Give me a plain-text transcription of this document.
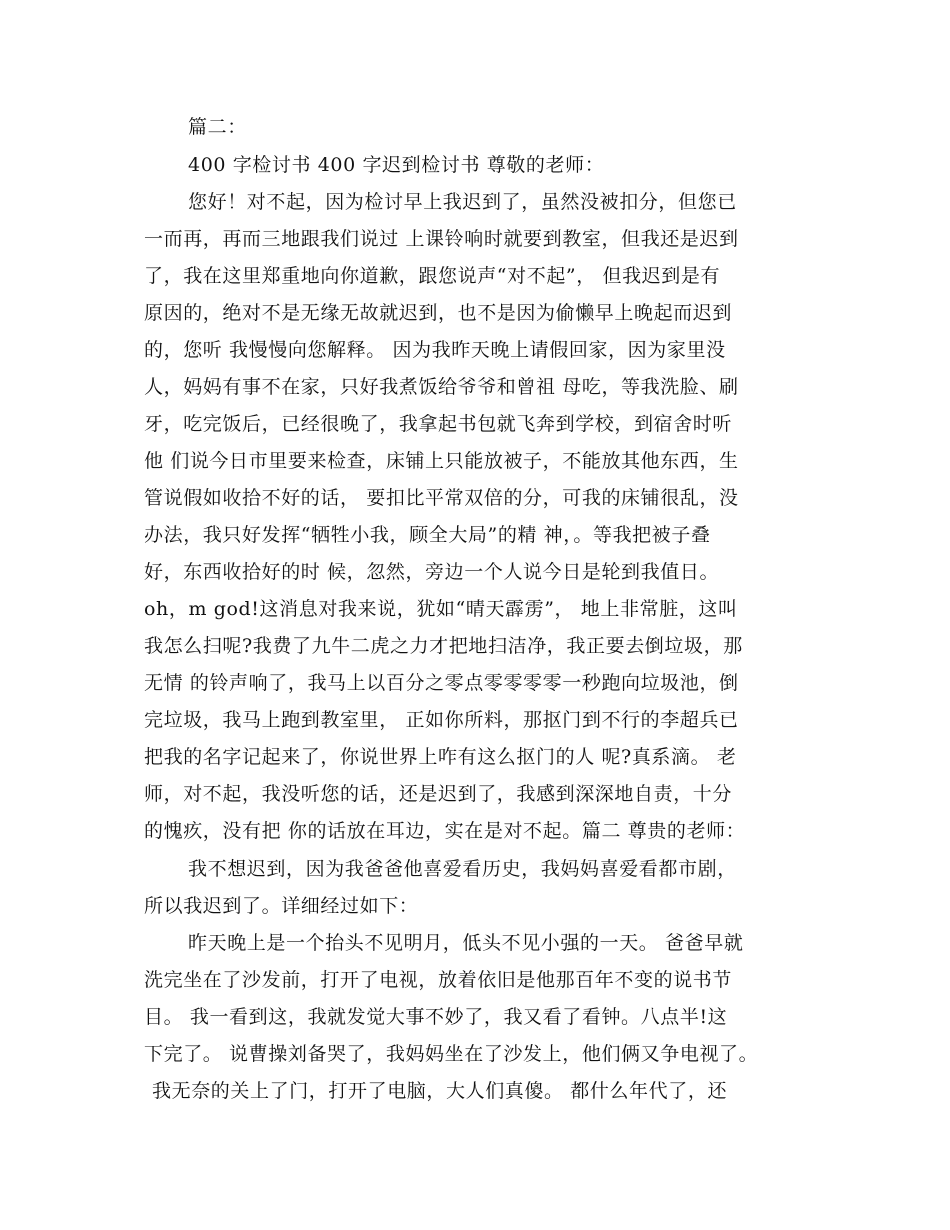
篇二：
400 字检讨书 400 字迟到检讨书 尊敬的老师：
您好！对不起，因为检讨早上我迟到了，虽然没被扣分，但您已
一而再，再而三地跟我们说过 上课铃响时就要到教室，但我还是迟到
了，我在这里郑重地向你道歉，跟您说声“对不起”， 但我迟到是有
原因的，绝对不是无缘无故就迟到，也不是因为偷懒早上晚起而迟到
的，您听 我慢慢向您解释。 因为我昨天晚上请假回家，因为家里没
人，妈妈有事不在家，只好我煮饭给爷爷和曾祖 母吃，等我洗脸、刷
牙，吃完饭后，已经很晚了，我拿起书包就飞奔到学校，到宿舍时听
他 们说今日市里要来检查，床铺上只能放被子，不能放其他东西，生
管说假如收拾不好的话， 要扣比平常双倍的分，可我的床铺很乱，没
办法，我只好发挥“牺牲小我，顾全大局”的精 神，。等我把被子叠
好，东西收拾好的时 候，忽然，旁边一个人说今日是轮到我值日。
oh，m god!这消息对我来说，犹如“晴天霹雳”， 地上非常脏，这叫
我怎么扫呢?我费了九牛二虎之力才把地扫洁净，我正要去倒垃圾，那
无情 的铃声响了，我马上以百分之零点零零零零一秒跑向垃圾池，倒
完垃圾，我马上跑到教室里， 正如你所料，那抠门到不行的李超兵已
把我的名字记起来了，你说世界上咋有这么抠门的人 呢?真系滴。 老
师，对不起，我没听您的话，还是迟到了，我感到深深地自责，十分
的愧疚，没有把 你的话放在耳边，实在是对不起。篇二 尊贵的老师：
我不想迟到，因为我爸爸他喜爱看历史，我妈妈喜爱看都市剧，
所以我迟到了。详细经过如下：
昨天晚上是一个抬头不见明月，低头不见小强的一天。 爸爸早就
洗完坐在了沙发前，打开了电视，放着依旧是他那百年不变的说书节
目。 我一看到这，我就发觉大事不妙了，我又看了看钟。八点半!这
下完了。 说曹操刘备哭了，我妈妈坐在了沙发上，他们俩又争电视了。
我无奈的关上了门，打开了电脑，大人们真傻。 都什么年代了，还
